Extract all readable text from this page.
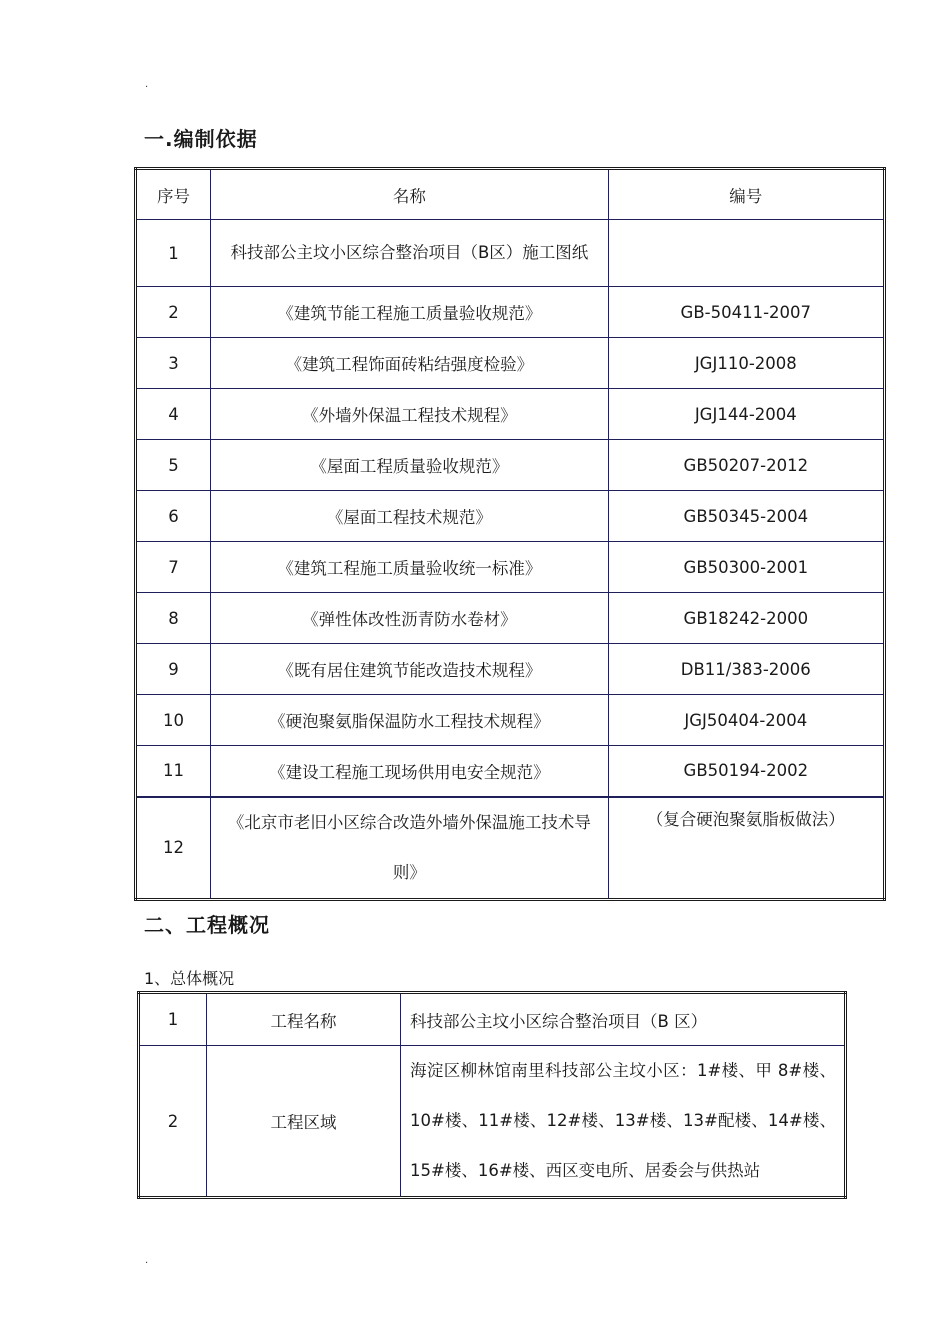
.
一.编制依据
序号	名称	编号
1	科技部公主坟小区综合整治项目（B区）施工图纸	
2	《建筑节能工程施工质量验收规范》	GB-50411-2007
3	《建筑工程饰面砖粘结强度检验》	JGJ110-2008
4	《外墙外保温工程技术规程》	JGJ144-2004
5	《屋面工程质量验收规范》	GB50207-2012
6	《屋面工程技术规范》	GB50345-2004
7	《建筑工程施工质量验收统一标准》	GB50300-2001
8	《弹性体改性沥青防水卷材》	GB18242-2000
9	《既有居住建筑节能改造技术规程》	DB11/383-2006
10	《硬泡聚氨脂保温防水工程技术规程》	JGJ50404-2004
11	《建设工程施工现场供用电安全规范》	GB50194-2002
12	《北京市老旧小区综合改造外墙外保温施工技术导则》	（复合硬泡聚氨脂板做法）
二、工程概况
1、总体概况
1	工程名称	科技部公主坟小区综合整治项目（B 区）
2	工程区域	海淀区柳林馆南里科技部公主坟小区：1#楼、甲 8#楼、10#楼、11#楼、12#楼、13#楼、13#配楼、14#楼、15#楼、16#楼、西区变电所、居委会与供热站
.
